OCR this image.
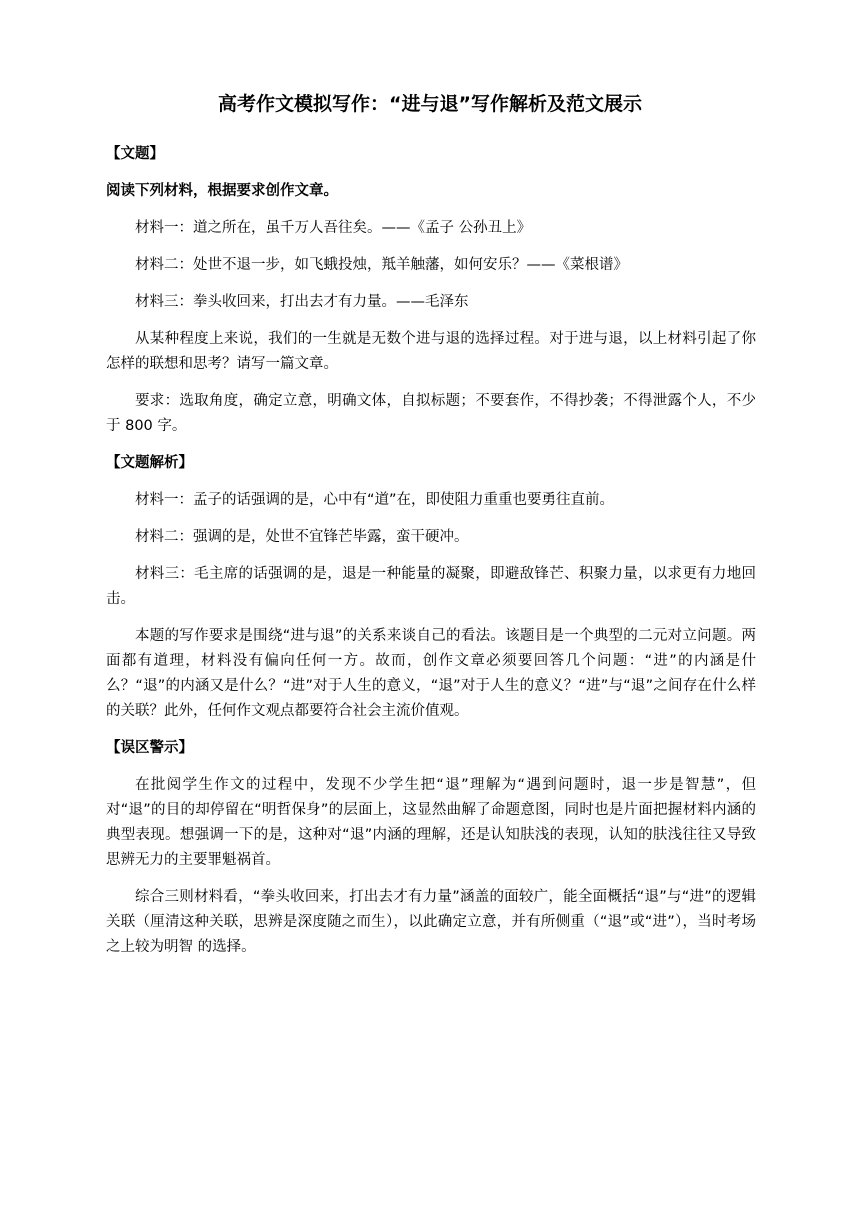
高考作文模拟写作：“进与退”写作解析及范文展示

【文题】

阅读下列材料，根据要求创作文章。

材料一：道之所在，虽千万人吾往矣。——《孟子 公孙丑上》

材料二：处世不退一步，如飞蛾投烛，羝羊触藩，如何安乐？——《菜根谱》

材料三：拳头收回来，打出去才有力量。——毛泽东

从某种程度上来说，我们的一生就是无数个进与退的选择过程。对于进与退，以上材料引起了你怎样的联想和思考？请写一篇文章。

要求：选取角度，确定立意，明确文体，自拟标题；不要套作，不得抄袭；不得泄露个人，不少于 800 字。

【文题解析】

材料一：孟子的话强调的是，心中有“道”在，即使阻力重重也要勇往直前。

材料二：强调的是，处世不宜锋芒毕露，蛮干硬冲。

材料三：毛主席的话强调的是，退是一种能量的凝聚，即避敌锋芒、积聚力量，以求更有力地回击。

本题的写作要求是围绕“进与退”的关系来谈自己的看法。该题目是一个典型的二元对立问题。两面都有道理，材料没有偏向任何一方。故而，创作文章必须要回答几个问题：“进”的内涵是什么？“退”的内涵又是什么？“进”对于人生的意义，“退”对于人生的意义？“进”与“退”之间存在什么样的关联？此外，任何作文观点都要符合社会主流价值观。

【误区警示】

在批阅学生作文的过程中，发现不少学生把“退”理解为“遇到问题时，退一步是智慧”，但对“退”的目的却停留在“明哲保身”的层面上，这显然曲解了命题意图，同时也是片面把握材料内涵的典型表现。想强调一下的是，这种对“退”内涵的理解，还是认知肤浅的表现，认知的肤浅往往又导致思辨无力的主要罪魁祸首。

综合三则材料看，“拳头收回来，打出去才有力量”涵盖的面较广，能全面概括“退”与“进”的逻辑关联（厘清这种关联，思辨是深度随之而生），以此确定立意，并有所侧重（“退”或“进”），当时考场之上较为明智 的选择。
